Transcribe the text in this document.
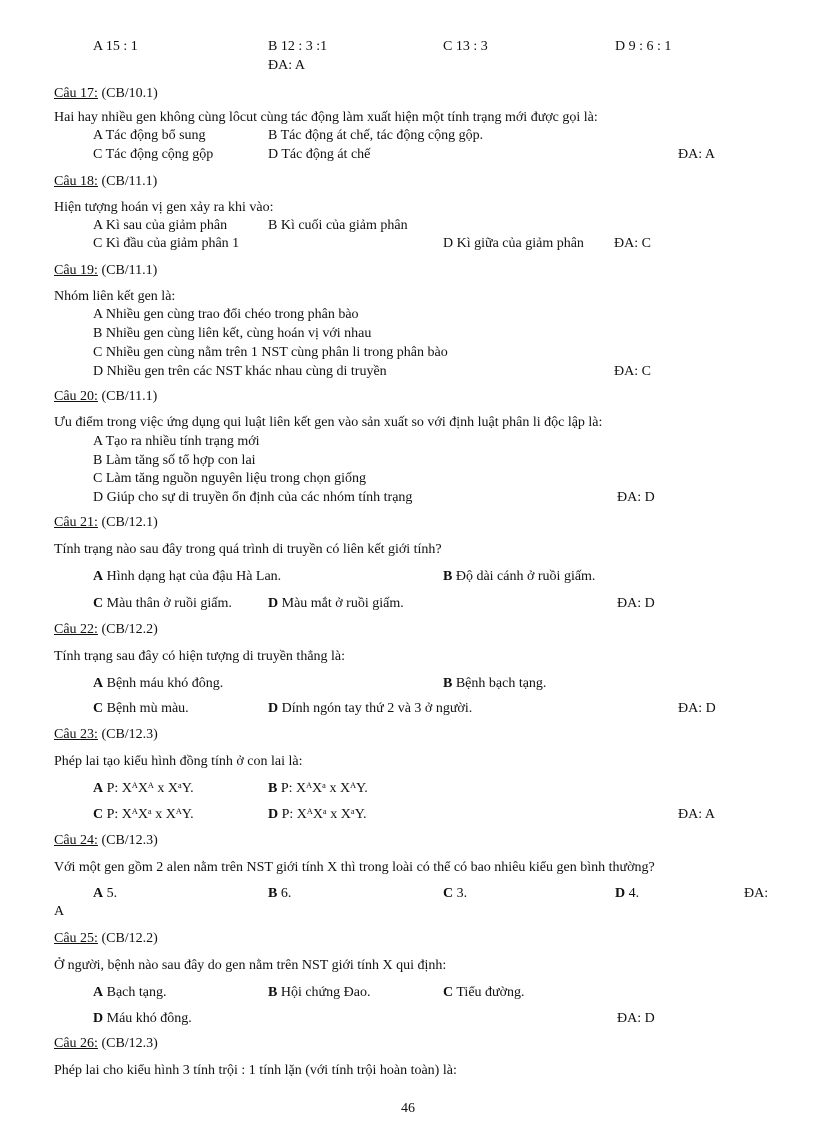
A 15 : 1	B 12 : 3 :1	C 13 : 3	D 9 : 6 : 1
ĐA: A
Câu 17: (CB/10.1)
Hai hay nhiều gen không cùng lôcut cùng tác động làm xuất hiện một tính trạng mới được gọi là:
A Tác động bổ sung	B Tác động át chế, tác động cộng gộp.
C Tác động cộng gộp	D Tác động át chế	ĐA: A
Câu 18: (CB/11.1)
Hiện tượng hoán vị gen xảy ra khi vào:
A Kì sau của giảm phân	B Kì cuối của giảm phân
C Kì đầu của giảm phân 1	D Kì giữa của giảm phân ĐA: C
Câu 19: (CB/11.1)
Nhóm liên kết gen là:
A Nhiều gen cùng trao đổi chéo trong phân bào
B Nhiều gen cùng liên kết, cùng hoán vị với nhau
C Nhiều gen cùng nằm trên 1 NST cùng phân li trong phân bào
D Nhiều gen trên các NST khác nhau cùng di truyền	ĐA: C
Câu 20: (CB/11.1)
Ưu điểm trong việc ứng dụng qui luật liên kết gen vào sản xuất so với định luật phân li độc lập là:
A Tạo ra nhiều tính trạng mới
B Làm tăng số tổ hợp con lai
C Làm tăng nguồn nguyên liệu trong chọn giống
D Giúp cho sự di truyền ổn định của các nhóm tính trạng	ĐA: D
Câu 21: (CB/12.1)
Tính trạng nào sau đây trong quá trình di truyền có liên kết giới tính?
A Hình dạng hạt của đậu Hà Lan.	B Độ dài cánh ở ruồi giấm.
C Màu thân ở ruồi giấm.	D Màu mắt ở ruồi giấm.	ĐA: D
Câu 22: (CB/12.2)
Tính trạng sau đây có hiện tượng di truyền thẳng là:
A Bệnh máu khó đông.	B Bệnh bạch tạng.
C Bệnh mù màu.	D Dính ngón tay thứ 2 và 3 ở người.	ĐA: D
Câu 23: (CB/12.3)
Phép lai tạo kiểu hình đồng tính ở con lai là:
A P: XᴬXᴬ x XᵃY.	B P: XᴬXᵃ x XᴬY.
C P: XᴬXᵃ x XᴬY.	D P: XᴬXᵃ x XᵃY.	ĐA: A
Câu 24: (CB/12.3)
Với một gen gồm 2 alen nằm trên NST giới tính X thì trong loài có thể có bao nhiêu kiểu gen bình thường?
A 5.	B 6.	C 3.	D 4.	ĐA:
A
Câu 25: (CB/12.2)
Ở người, bệnh nào sau đây do gen nằm trên NST giới tính X qui định:
A Bạch tạng.	B Hội chứng Đao.	C Tiểu đường.
D Máu khó đông.	ĐA: D
Câu 26: (CB/12.3)
Phép lai cho kiểu hình 3 tính trội : 1 tính lặn (với tính trội hoàn toàn) là:
46
